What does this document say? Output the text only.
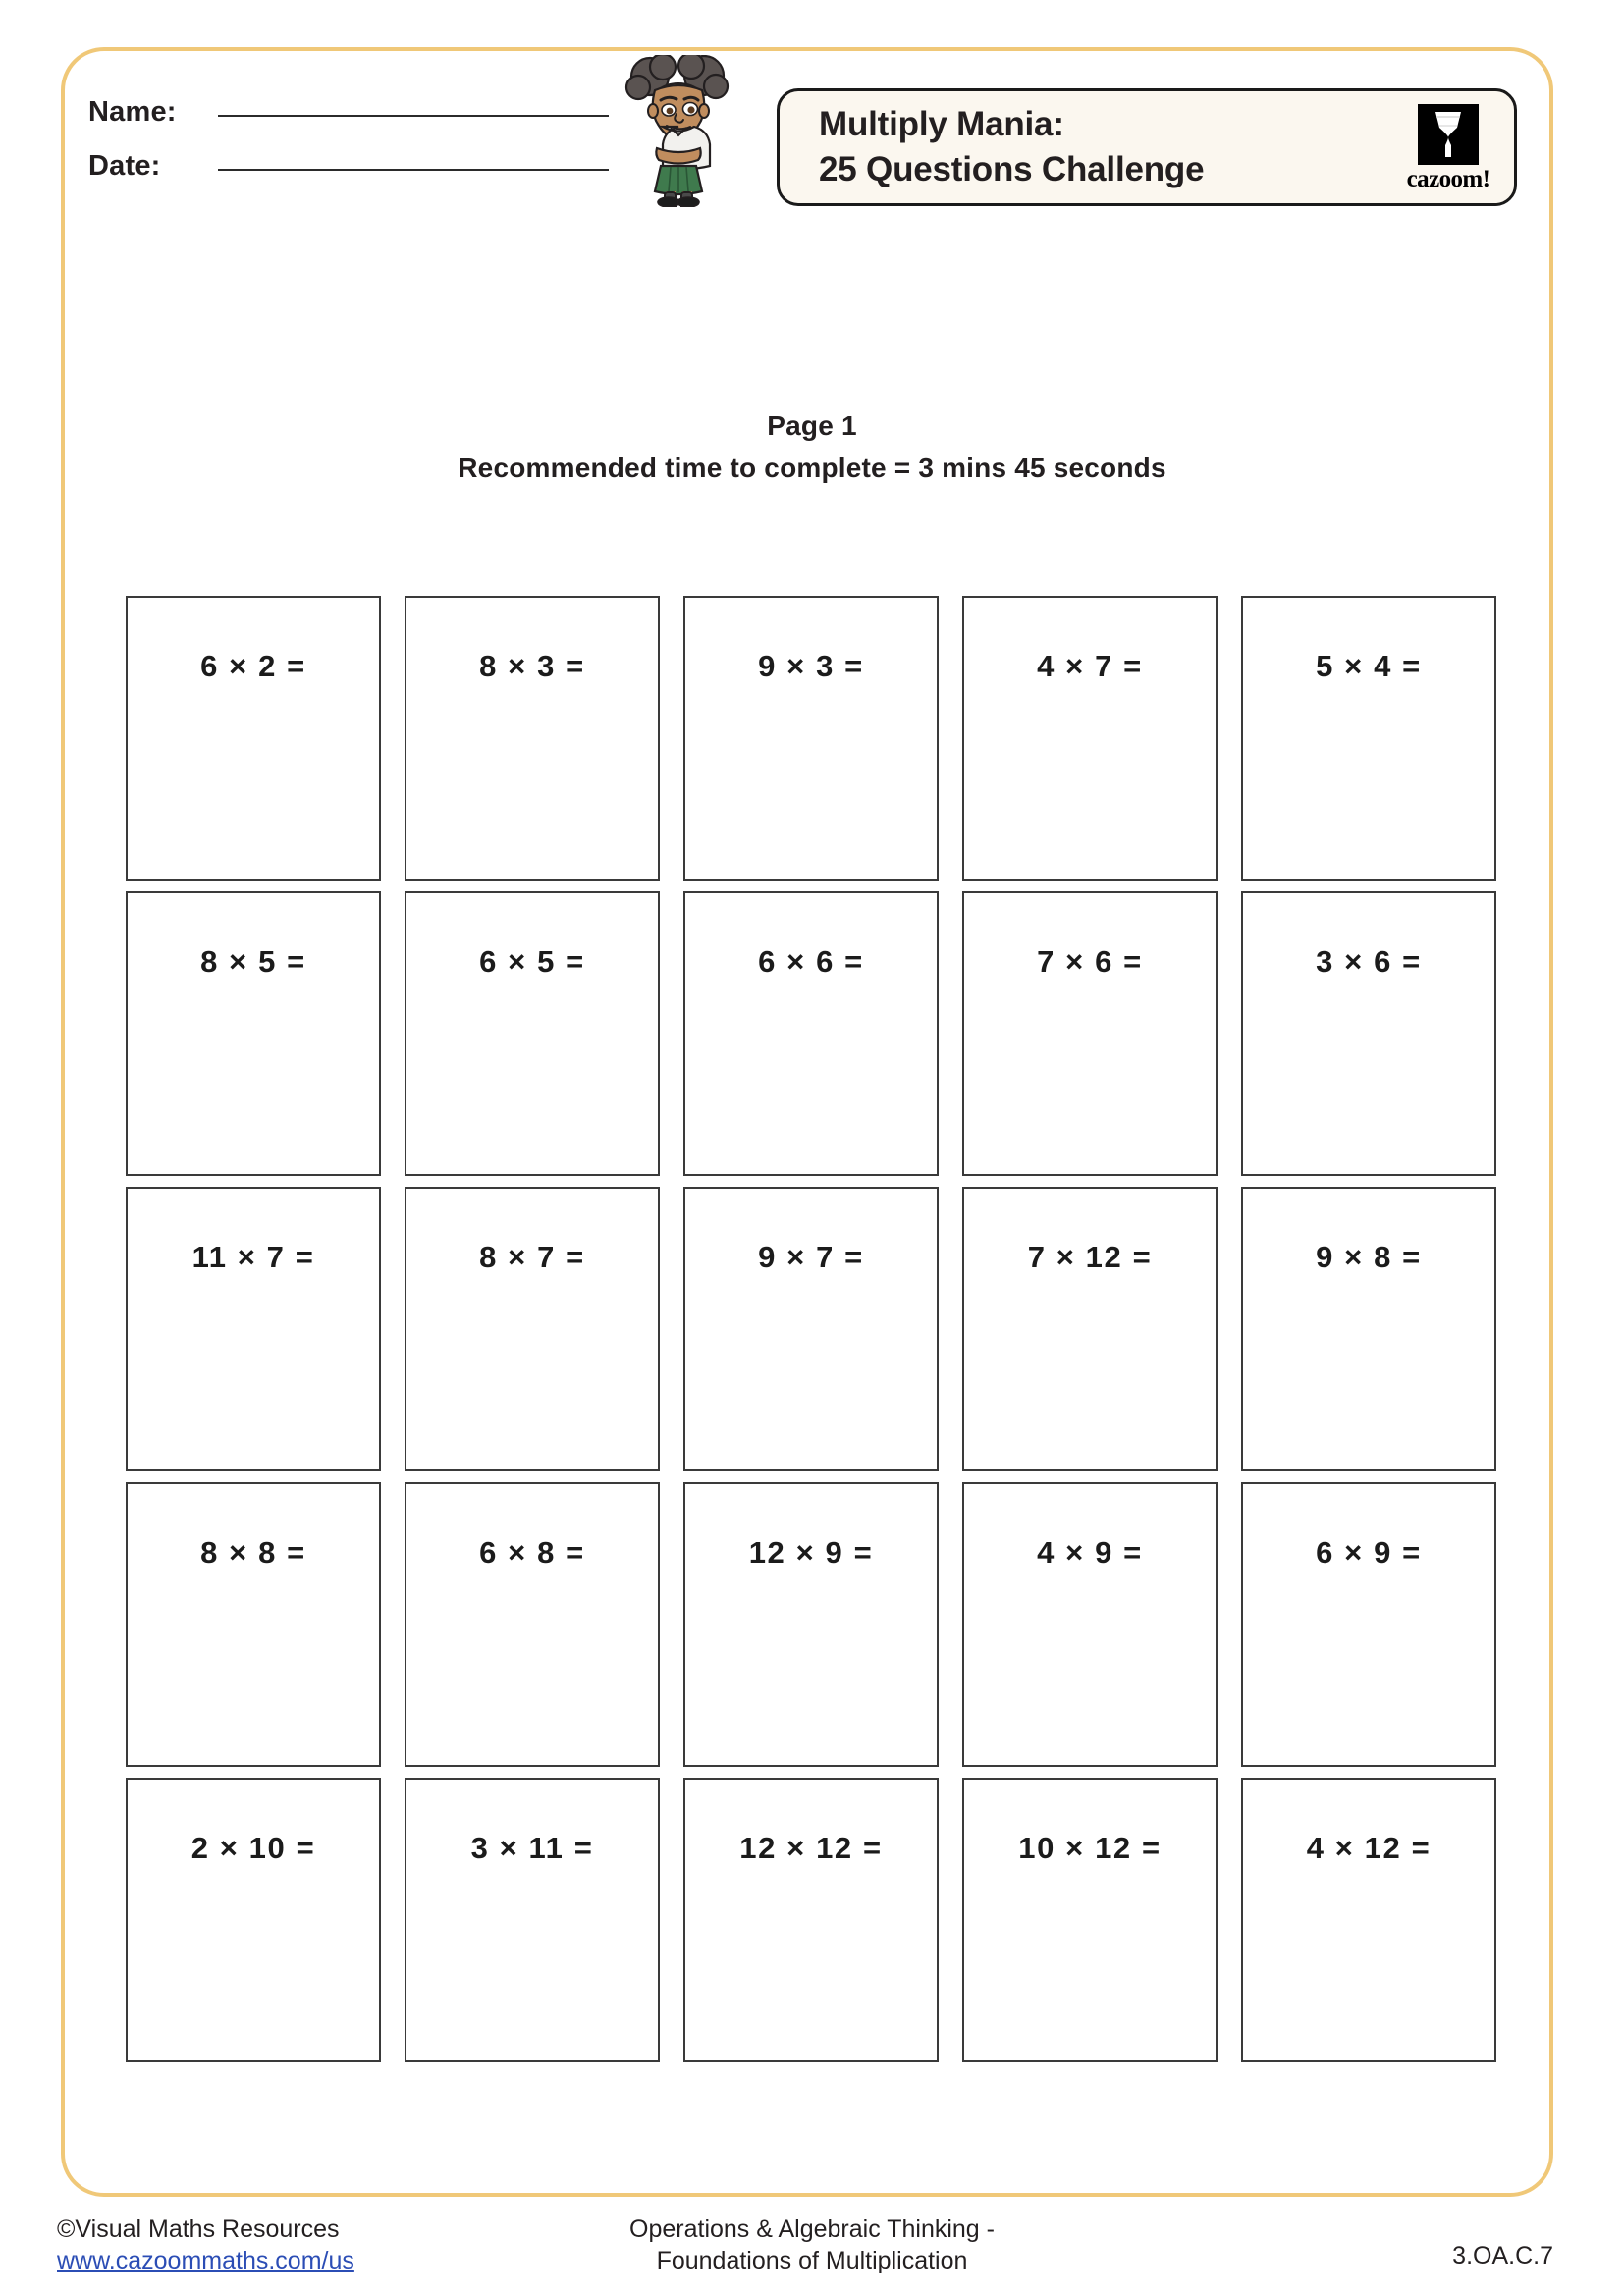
Name:
Date:
Multiply Mania:
25 Questions Challenge	cazoom!
Page 1
Recommended time to complete = 3 mins 45 seconds
6 × 2 =	8 × 3 =	9 × 3 =	4 × 7 =	5 × 4 =
8 × 5 =	6 × 5 =	6 × 6 =	7 × 6 =	3 × 6 =
11 × 7 =	8 × 7 =	9 × 7 =	7 × 12 =	9 × 8 =
8 × 8 =	6 × 8 =	12 × 9 =	4 × 9 =	6 × 9 =
2 × 10 =	3 × 11 =	12 × 12 =	10 × 12 =	4 × 12 =
©Visual Maths Resources
www.cazoommaths.com/us
Operations & Algebraic Thinking -
Foundations of Multiplication	3.OA.C.7
